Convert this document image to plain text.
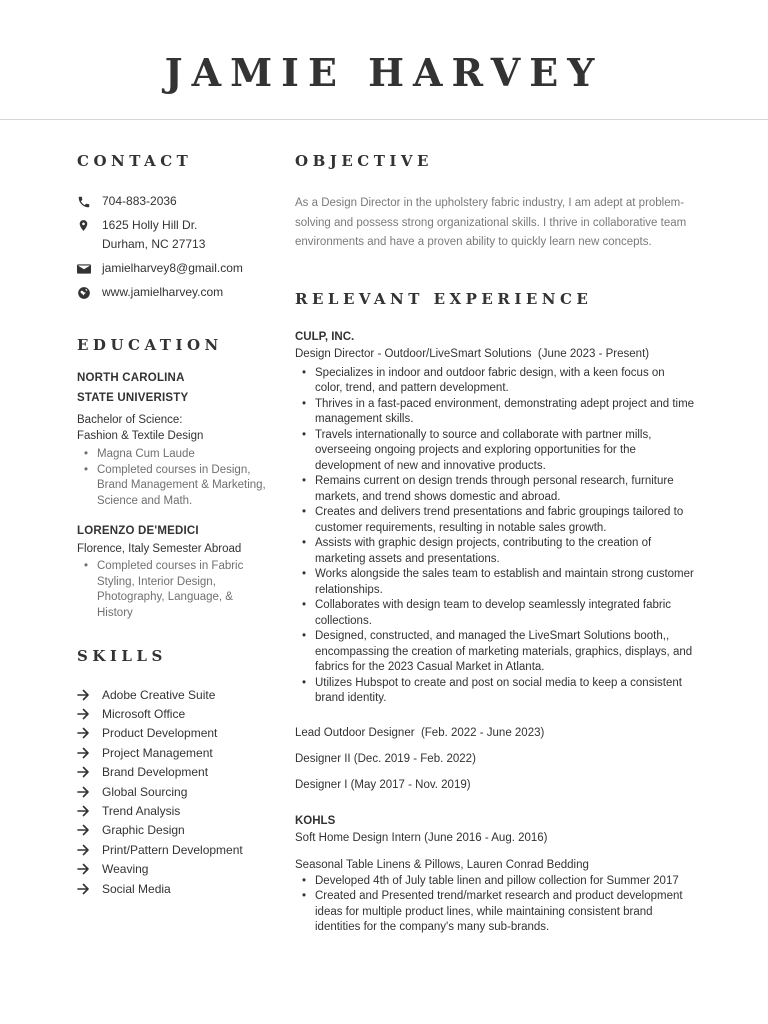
JAMIE HARVEY
CONTACT
704-883-2036
1625 Holly Hill Dr.
Durham, NC 27713
jamielharvey8@gmail.com
www.jamielharvey.com
EDUCATION
NORTH CAROLINA
STATE UNIVERISTY
Bachelor of Science:
Fashion & Textile Design
• Magna Cum Laude
• Completed courses in Design, Brand Management & Marketing, Science and Math.
LORENZO DE'MEDICI
Florence, Italy Semester Abroad
• Completed courses in Fabric Styling, Interior Design, Photography, Language, & History
SKILLS
Adobe Creative Suite
Microsoft Office
Product Development
Project Management
Brand Development
Global Sourcing
Trend Analysis
Graphic Design
Print/Pattern Development
Weaving
Social Media
OBJECTIVE
As a Design Director in the upholstery fabric industry, I am adept at problem-solving and possess strong organizational skills. I thrive in collaborative team environments and have a proven ability to quickly learn new concepts.
RELEVANT EXPERIENCE
CULP, INC.
Design Director - Outdoor/LiveSmart Solutions  (June 2023 - Present)
• Specializes in indoor and outdoor fabric design, with a keen focus on color, trend, and pattern development.
• Thrives in a fast-paced environment, demonstrating adept project and time management skills.
• Travels internationally to source and collaborate with partner mills, overseeing ongoing projects and exploring opportunities for the development of new and innovative products.
• Remains current on design trends through personal research, furniture markets, and trend shows domestic and abroad.
• Creates and delivers trend presentations and fabric groupings tailored to customer requirements, resulting in notable sales growth.
• Assists with graphic design projects, contributing to the creation of marketing assets and presentations.
• Works alongside the sales team to establish and maintain strong customer relationships.
• Collaborates with design team to develop seamlessly integrated fabric collections.
• Designed, constructed, and managed the LiveSmart Solutions booth,, encompassing the creation of marketing materials, graphics, displays, and fabrics for the 2023 Casual Market in Atlanta.
• Utilizes Hubspot to create and post on social media to keep a consistent brand identity.
Lead Outdoor Designer  (Feb. 2022 - June 2023)
Designer II (Dec. 2019 - Feb. 2022)
Designer I (May 2017 - Nov. 2019)
KOHLS
Soft Home Design Intern (June 2016 - Aug. 2016)
Seasonal Table Linens & Pillows, Lauren Conrad Bedding
• Developed 4th of July table linen and pillow collection for Summer 2017
• Created and Presented trend/market research and product development ideas for multiple product lines, while maintaining consistent brand identities for the company's many sub-brands.
